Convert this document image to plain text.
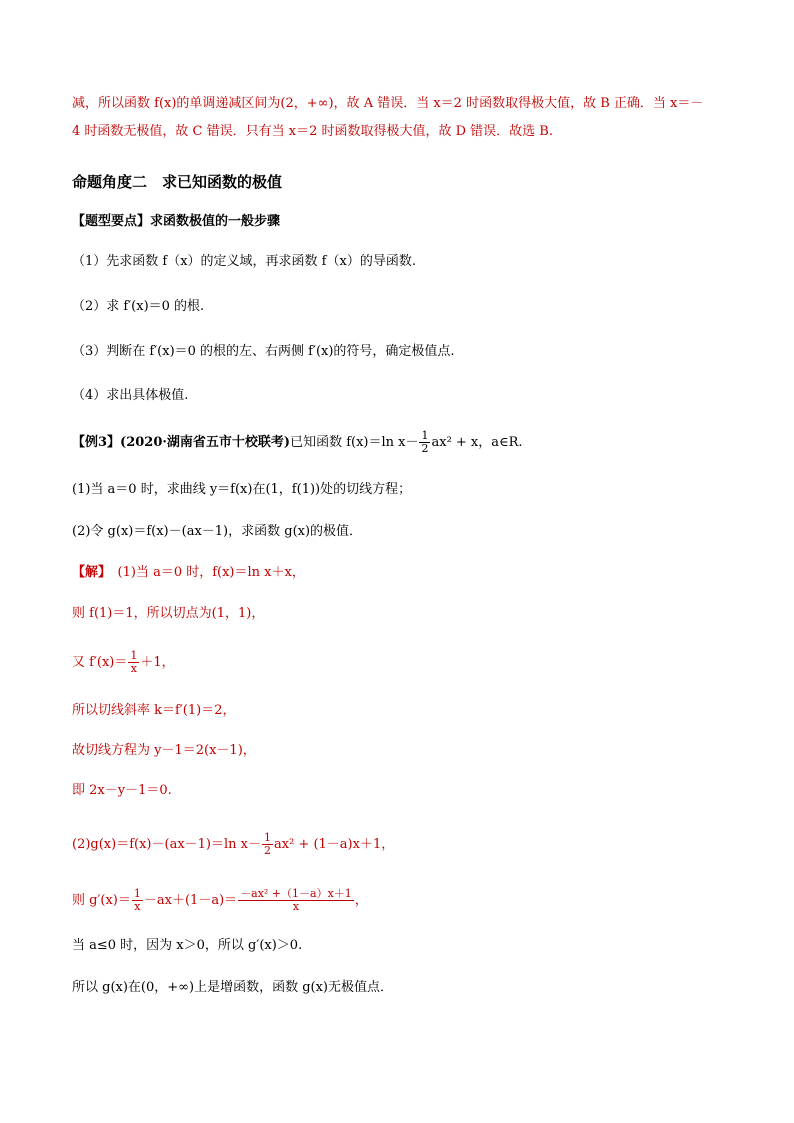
减，所以函数 f(x)的单调递减区间为(2，+∞)，故 A 错误．当 x＝2 时函数取得极大值，故 B 正确．当 x＝－
4 时函数无极值，故 C 错误．只有当 x＝2 时函数取得极大值，故 D 错误．故选 B.
命题角度二　求已知函数的极值
【题型要点】求函数极值的一般步骤
（1）先求函数 f（x）的定义域，再求函数 f（x）的导函数.
（2）求 f′(x)＝0 的根.
（3）判断在 f′(x)＝0 的根的左、右两侧 f′(x)的符号，确定极值点.
（4）求出具体极值.
【例3】(2020·湖南省五市十校联考)已知函数 f(x)＝ln $x- \frac{1}{2} ax^2 + x$，a∈R.
(1)当 a＝0 时，求曲线 y＝f(x)在(1，f(1))处的切线方程；
(2)令 g(x)＝f(x)－(ax－1)，求函数 g(x)的极值．
【解】　(1)当 a＝0 时，f(x)＝ln x＋x，
则 f(1)＝1，所以切点为(1，1)，
又 $f'(x)= \frac{1}{x} +1$，
所以切线斜率 k＝f′(1)＝2，
故切线方程为 y－1＝2(x－1)，
即 2x－y－1＝0.
(2)g(x)＝f(x)－(ax－1)＝ln $x- \frac{1}{2} ax^2 + (1-a)x+1$，
则 $g'(x)= \frac{1}{x} -ax+(1-a)= \frac{\text{－ax² +（1－a）x＋1}}{x}$ ，
当 a≤0 时，因为 x＞0，所以 g′(x)＞0.
所以 g(x)在(0，+∞)上是增函数，函数 g(x)无极值点．
